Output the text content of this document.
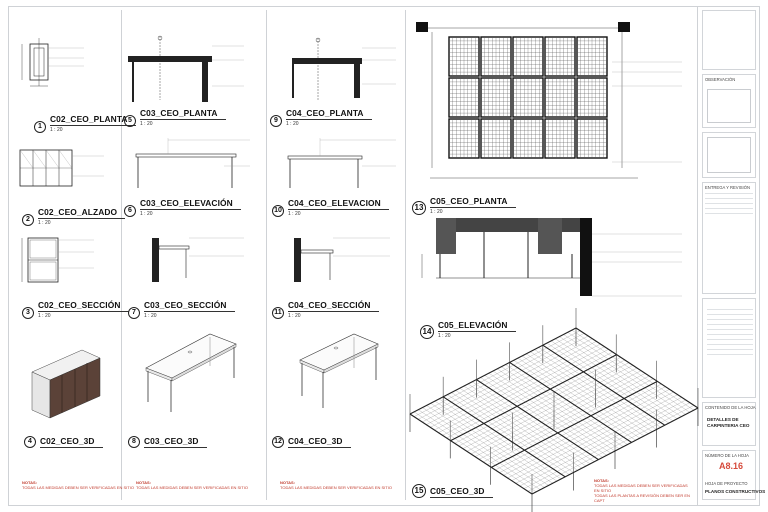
1
C02_CEO_PLANTA
1 : 20
2
C02_CEO_ALZADO
1 : 20
3
C02_CEO_SECCIÓN
1 : 20
4 C02_CEO_3D
NOTAS:
TODAS LAS MEDIDAS DEBEN SER VERIFICADAS EN SITIO
5
C03_CEO_PLANTA
1 : 20
6
C03_CEO_ELEVACIÓN
1 : 20
7
C03_CEO_SECCIÓN
1 : 20
8 C03_CEO_3D
NOTAS:
TODAS LAS MEDIDAS DEBEN SER VERIFICADAS EN SITIO
9
C04_CEO_PLANTA
1 : 20
10
C04_CEO_ELEVACION
1 : 20
11
C04_CEO_SECCIÓN
1 : 20
12 C04_CEO_3D
NOTAS:
TODAS LAS MEDIDAS DEBEN SER VERIFICADAS EN SITIO
13
C05_CEO_PLANTA
1 : 20
14
C05_ELEVACIÓN
1 : 20
15 C05_CEO_3D
NOTAS:
TODAS LAS MEDIDAS DEBEN SER VERIFICADAS EN SITIO
TODAS LAS PLANTAS A REVISIÓN DEBEN SER EN CAPT
OBSERVACIÓN
ENTREGA Y REVISIÓN
CONTENIDO DE LA HOJA
DETALLES DE CARPINTERIA CEO
NÚMERO DE LA HOJA
A8.16
HOJA DE PROYECTO
PLANOS CONSTRUCTIVOS
